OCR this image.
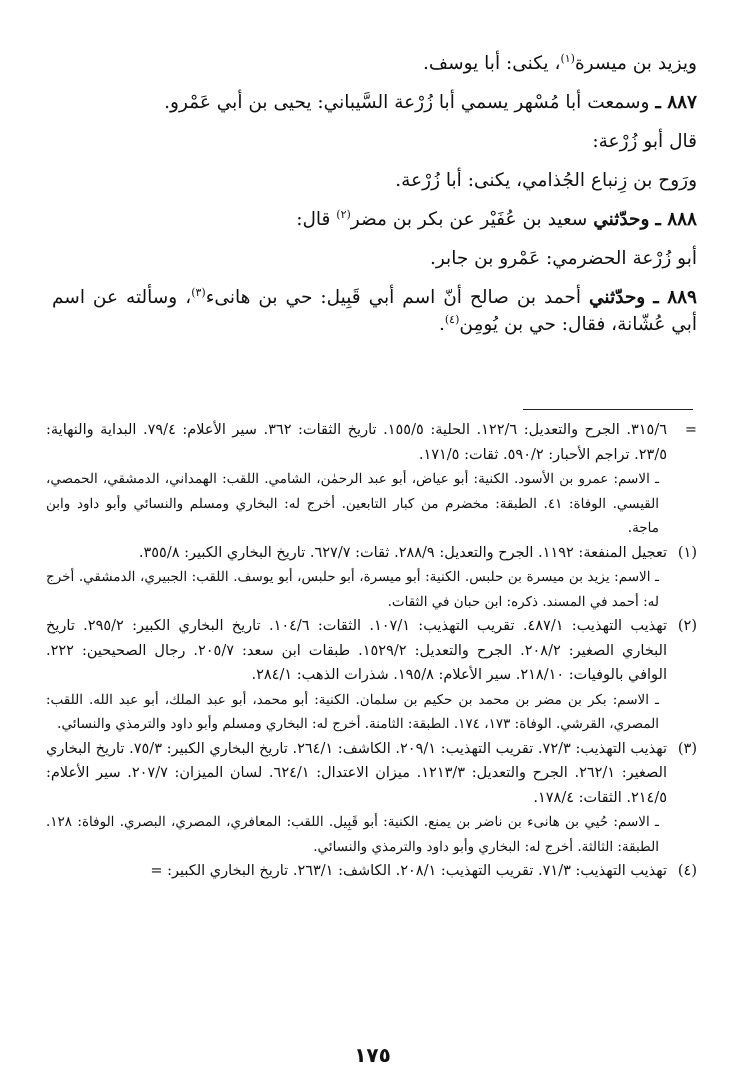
ويزيد بن ميسرة$^{(١)}$، يكنى: أبا يوسف.

٨٨٧ ـ وسمعت أبا مُسْهر يسمي أبا زُرْعة السَّيباني: يحيى بن أبي عَمْرو.

قال أبو زُرْعة:

ورَوح بن زِنباع الجُذامي، يكنى: أبا زُرْعة.

٨٨٨ ـ وحدّثني سعيد بن عُفَيْر عن بكر بن مضر$^{(٢)}$ قال:

أبو زُرْعة الحضرمي: عَمْرو بن جابر.

٨٨٩ ـ وحدّثني أحمد بن صالح أنّ اسم أبي قَبِيل: حي بن هانىء$^{(٣)}$، وسألته عن اسم أبي عُشّانة، فقال: حي بن يُومِن$^{(٤)}$.

=

٣١٥/٦. الجرح والتعديل: ١٢٢/٦. الحلية: ١٥٥/٥. تاريخ الثقات: ٣٦٢. سير الأعلام: ٧٩/٤. البداية والنهاية: ٢٣/٥. تراجم الأحبار: ٥٩٠/٢. ثقات: ١٧١/٥.

ـ الاسم: عمرو بن الأسود. الكنية: أبو عياض، أبو عبد الرحمٰن، الشامي. اللقب: الهمداني، الدمشقي، الحمصي، القيسي. الوفاة: ٤١. الطبقة: مخضرم من كبار التابعين. أخرج له: البخاري ومسلم والنسائي وأبو داود وابن ماجة.

(١)

تعجيل المنفعة: ١١٩٢. الجرح والتعديل: ٢٨٨/٩. ثقات: ٦٢٧/٧. تاريخ البخاري الكبير: ٣٥٥/٨.

ـ الاسم: يزيد بن ميسرة بن حلبس. الكنية: أبو ميسرة، أبو حلبس، أبو يوسف. اللقب: الجبيري، الدمشقي. أخرج له: أحمد في المسند. ذكره: ابن حبان في الثقات.

(٢)

تهذيب التهذيب: ٤٨٧/١. تقريب التهذيب: ١٠٧/١. الثقات: ١٠٤/٦. تاريخ البخاري الكبير: ٢٩٥/٢. تاريخ البخاري الصغير: ٢٠٨/٢. الجرح والتعديل: ١٥٢٩/٢. طبقات ابن سعد: ٢٠٥/٧. رجال الصحيحين: ٢٢٢. الوافي بالوفيات: ٢١٨/١٠. سير الأعلام: ١٩٥/٨. شذرات الذهب: ٢٨٤/١.

ـ الاسم: بكر بن مضر بن محمد بن حكيم بن سلمان. الكنية: أبو محمد، أبو عبد الملك، أبو عبد الله. اللقب: المصري، القرشي. الوفاة: ١٧٣، ١٧٤. الطبقة: الثامنة. أخرج له: البخاري ومسلم وأبو داود والترمذي والنسائي.

(٣)

تهذيب التهذيب: ٧٢/٣. تقريب التهذيب: ٢٠٩/١. الكاشف: ٢٦٤/١. تاريخ البخاري الكبير: ٧٥/٣. تاريخ البخاري الصغير: ٢٦٢/١. الجرح والتعديل: ١٢١٣/٣. ميزان الاعتدال: ٦٢٤/١. لسان الميزان: ٢٠٧/٧. سير الأعلام: ٢١٤/٥. الثقات: ١٧٨/٤.

ـ الاسم: حُيي بن هانىء بن ناضر بن يمنع. الكنية: أبو قَبِيل. اللقب: المعافري، المصري، البصري. الوفاة: ١٢٨. الطبقة: الثالثة. أخرج له: البخاري وأبو داود والترمذي والنسائي.

(٤)

تهذيب التهذيب: ٧١/٣. تقريب التهذيب: ٢٠٨/١. الكاشف: ٢٦٣/١. تاريخ البخاري الكبير: =

١٧٥
